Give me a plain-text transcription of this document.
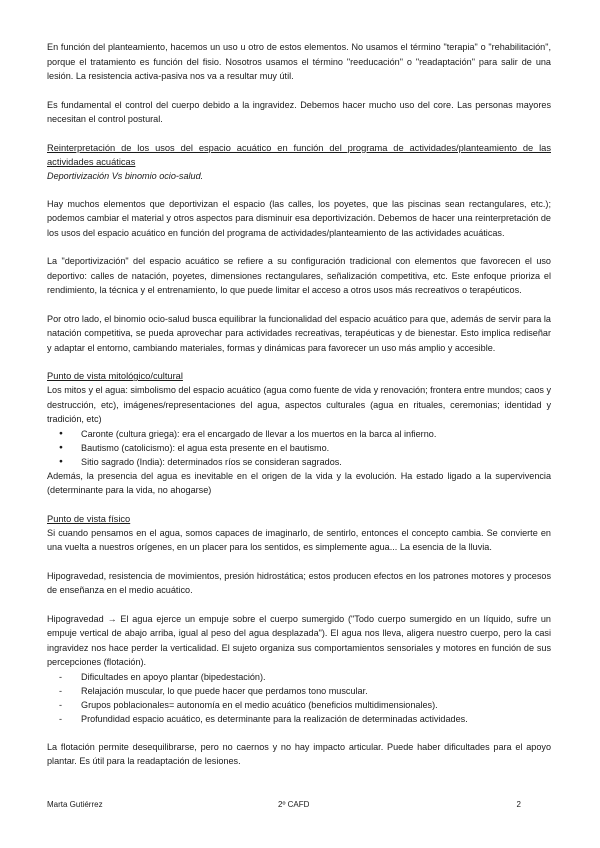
En función del planteamiento, hacemos un uso u otro de estos elementos. No usamos el término "terapia" o "rehabilitación", porque el tratamiento es función del fisio. Nosotros usamos el término "reeducación" o "readaptación" para salir de una lesión. La resistencia activa-pasiva nos va a resultar muy útil.

Es fundamental el control del cuerpo debido a la ingravidez. Debemos hacer mucho uso del core. Las personas mayores necesitan el control postural.

Reinterpretación de los usos del espacio acuático en función del programa de actividades/planteamiento de las actividades acuáticas

Deportivización Vs binomio ocio-salud.

Hay muchos elementos que deportivizan el espacio (las calles, los poyetes, que las piscinas sean rectangulares, etc.); podemos cambiar el material y otros aspectos para disminuir esa deportivización. Debemos de hacer una reinterpretación de los usos del espacio acuático en función del programa de actividades/planteamiento de las actividades acuáticas.

La "deportivización" del espacio acuático se refiere a su configuración tradicional con elementos que favorecen el uso deportivo: calles de natación, poyetes, dimensiones rectangulares, señalización competitiva, etc. Este enfoque prioriza el rendimiento, la técnica y el entrenamiento, lo que puede limitar el acceso a otros usos más recreativos o terapéuticos.

Por otro lado, el binomio ocio-salud busca equilibrar la funcionalidad del espacio acuático para que, además de servir para la natación competitiva, se pueda aprovechar para actividades recreativas, terapéuticas y de bienestar. Esto implica rediseñar y adaptar el entorno, cambiando materiales, formas y dinámicas para favorecer un uso más amplio y accesible.

Punto de vista mitológico/cultural

Los mitos y el agua: simbolismo del espacio acuático (agua como fuente de vida y renovación; frontera entre mundos; caos y destrucción, etc), imágenes/representaciones del agua, aspectos culturales (agua en rituales, ceremonias; identidad y tradición, etc)

● Caronte (cultura griega): era el encargado de llevar a los muertos en la barca al infierno.
● Bautismo (catolicismo): el agua esta presente en el bautismo.
● Sitio sagrado (India): determinados ríos se consideran sagrados.

Además, la presencia del agua es inevitable en el origen de la vida y la evolución. Ha estado ligado a la supervivencia (determinante para la vida, no ahogarse)

Punto de vista físico

Si cuando pensamos en el agua, somos capaces de imaginarlo, de sentirlo, entonces el concepto cambia. Se convierte en una vuelta a nuestros orígenes, en un placer para los sentidos, es simplemente agua... La esencia de la lluvia.

Hipogravedad, resistencia de movimientos, presión hidrostática; estos producen efectos en los patrones motores y procesos de enseñanza en el medio acuático.

Hipogravedad → El agua ejerce un empuje sobre el cuerpo sumergido ("Todo cuerpo sumergido en un líquido, sufre un empuje vertical de abajo arriba, igual al peso del agua desplazada"). El agua nos lleva, aligera nuestro cuerpo, pero la casi ingravidez nos hace perder la verticalidad. El sujeto organiza sus comportamientos sensoriales y motores en función de sus percepciones (flotación).

- Dificultades en apoyo plantar (bipedestación).
- Relajación muscular, lo que puede hacer que perdamos tono muscular.
- Grupos poblacionales= autonomía en el medio acuático (beneficios multidimensionales).
- Profundidad espacio acuático, es determinante para la realización de determinadas actividades.

La flotación permite desequilibrarse, pero no caernos y no hay impacto articular. Puede haber dificultades para el apoyo plantar. Es útil para la readaptación de lesiones.

Marta Gutiérrez	2º CAFD	2
